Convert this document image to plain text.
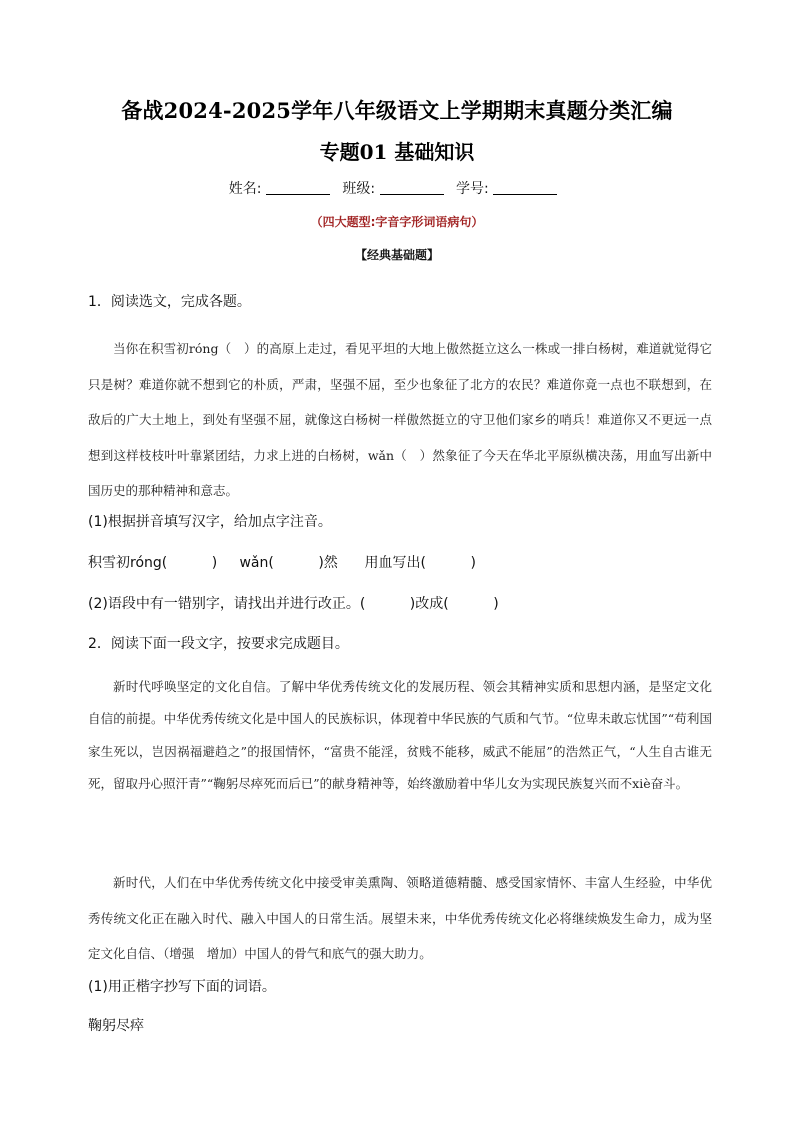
备战2024-2025学年八年级语文上学期期末真题分类汇编
专题01 基础知识
姓名:	班级:	学号:
（四大题型:字音字形词语病句）
【经典基础题】
1．阅读选文，完成各题。

当你在积雪初róng（　）的高原上走过，看见平坦的大地上傲然挺立这么一株或一排白杨树，难道就觉得它只是树？难道你就不想到它的朴质，严肃，坚强不屈，至少也象征了北方的农民？难道你竟一点也不联想到，在敌后的广大土地上，到处有坚强不屈，就像这白杨树一样傲然挺立的守卫他们家乡的哨兵！难道你又不更远一点想到这样枝枝叶叶靠紧团结，力求上进的白杨树，wǎn（　）然象征了今天在华北平原纵横决荡，用血写出新中国历史的那种精神和意志。

(1)根据拼音填写汉字，给加点字注音。
积雪初róng(          )     wǎn(          )然      用血写出(          )
(2)语段中有一错别字，请找出并进行改正。(          )改成(          )
2．阅读下面一段文字，按要求完成题目。

新时代呼唤坚定的文化自信。了解中华优秀传统文化的发展历程、领会其精神实质和思想内涵，是坚定文化自信的前提。中华优秀传统文化是中国人的民族标识，体现着中华民族的气质和气节。“位卑未敢忘忧国”“苟利国家生死以，岂因祸福避趋之”的报国情怀，“富贵不能淫，贫贱不能移，威武不能屈”的浩然正气，“人生自古谁无死，留取丹心照汗青”“鞠躬尽瘁死而后已”的献身精神等，始终激励着中华儿女为实现民族复兴而不xiè奋斗。

新时代，人们在中华优秀传统文化中接受审美熏陶、领略道德精髓、感受国家情怀、丰富人生经验，中华优秀传统文化正在融入时代、融入中国人的日常生活。展望未来，中华优秀传统文化必将继续焕发生命力，成为坚定文化自信、（增强　增加）中国人的骨气和底气的强大助力。

(1)用正楷字抄写下面的词语。
鞠躬尽瘁
